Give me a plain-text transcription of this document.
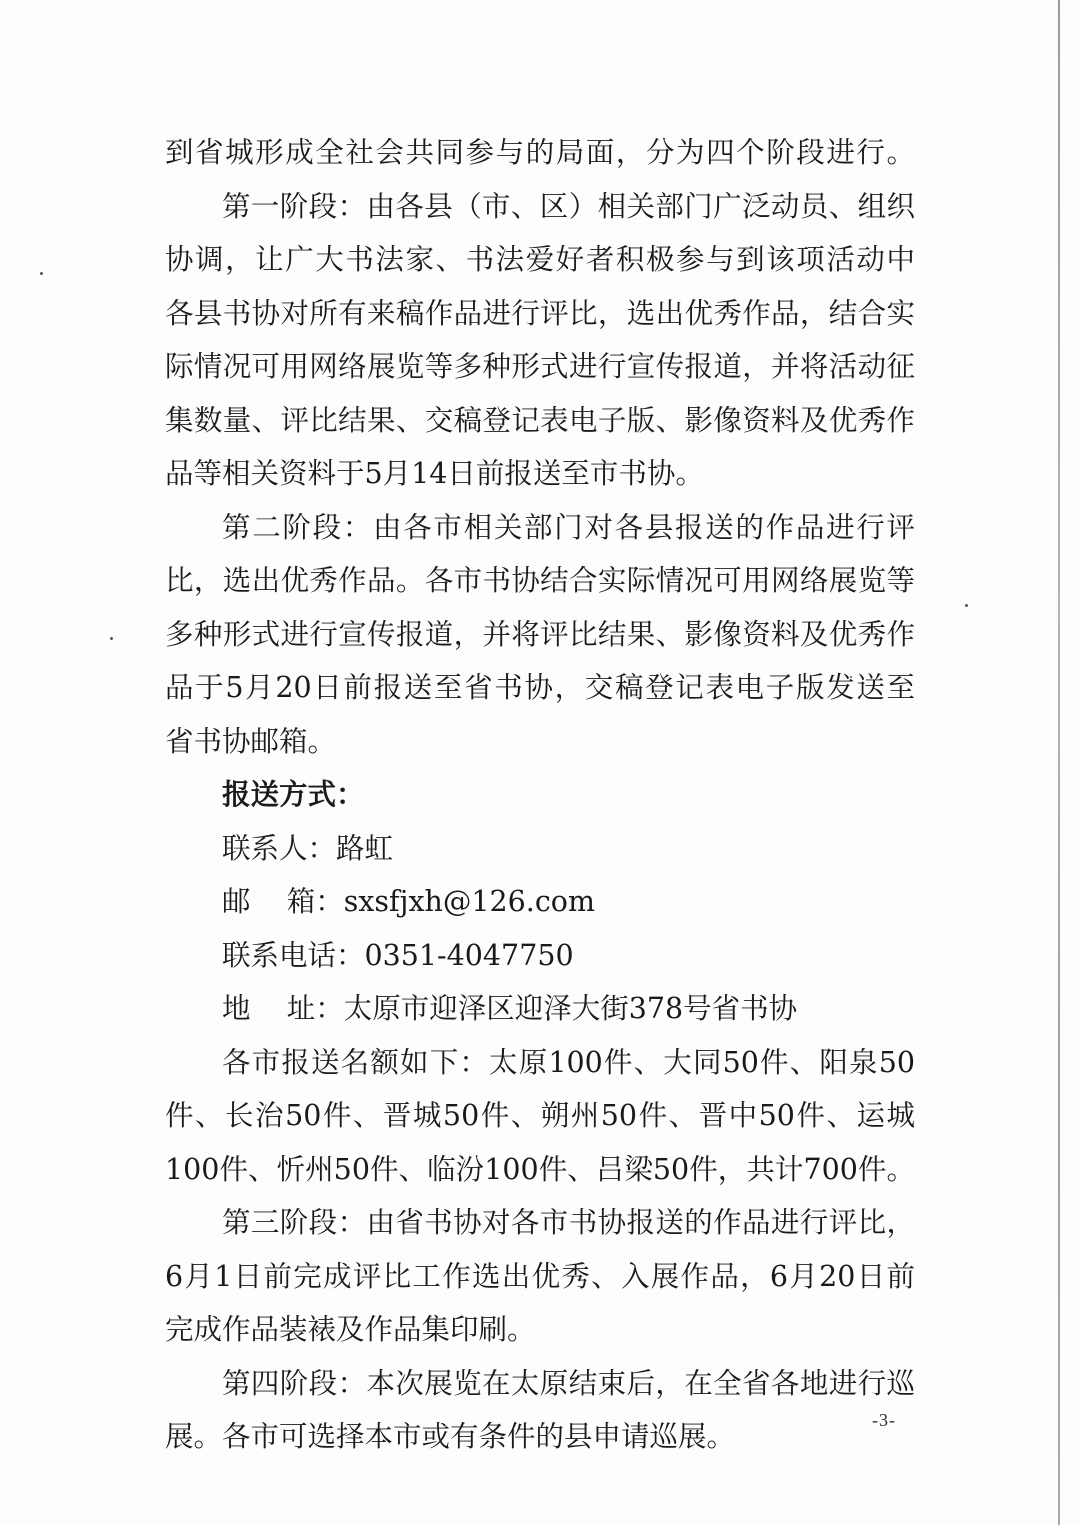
到省城形成全社会共同参与的局面，分为四个阶段进行。
第一阶段：由各县（市、区）相关部门广泛动员、组织
协调，让广大书法家、书法爱好者积极参与到该项活动中
各县书协对所有来稿作品进行评比，选出优秀作品，结合实
际情况可用网络展览等多种形式进行宣传报道，并将活动征
集数量、评比结果、交稿登记表电子版、影像资料及优秀作
品等相关资料于5月14日前报送至市书协。
第二阶段：由各市相关部门对各县报送的作品进行评
比，选出优秀作品。各市书协结合实际情况可用网络展览等
多种形式进行宣传报道，并将评比结果、影像资料及优秀作
品于5月20日前报送至省书协，交稿登记表电子版发送至
省书协邮箱。
报送方式：
联系人：路虹
邮    箱：sxsfjxh@126.com
联系电话：0351-4047750
地    址：太原市迎泽区迎泽大街378号省书协
各市报送名额如下：太原100件、大同50件、阳泉50
件、长治50件、晋城50件、朔州50件、晋中50件、运城
100件、忻州50件、临汾100件、吕梁50件，共计700件。
第三阶段：由省书协对各市书协报送的作品进行评比，
6月1日前完成评比工作选出优秀、入展作品，6月20日前
完成作品装裱及作品集印刷。
第四阶段：本次展览在太原结束后，在全省各地进行巡
展。各市可选择本市或有条件的县申请巡展。	-3-
